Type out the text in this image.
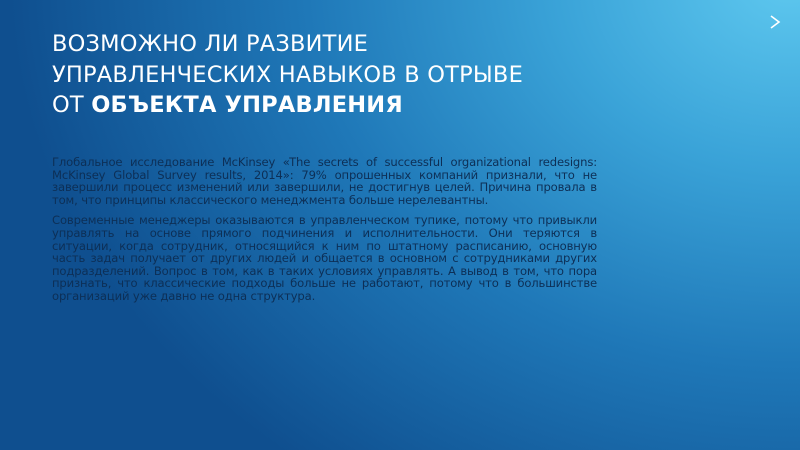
ВОЗМОЖНО ЛИ РАЗВИТИЕ
УПРАВЛЕНЧЕСКИХ НАВЫКОВ В ОТРЫВЕ
ОТ ОБЪЕКТА УПРАВЛЕНИЯ

Глобальное исследование McKinsey «The secrets of successful organizational redesigns: McKinsey Global Survey results, 2014»: 79% опрошенных компаний признали, что не завершили процесс изменений или завершили, не достигнув целей. Причина провала в том, что принципы классического менеджмента больше нерелевантны.

Современные менеджеры оказываются в управленческом тупике, потому что привыкли управлять на основе прямого подчинения и исполнительности. Они теряются в ситуации, когда сотрудник, относящийся к ним по штатному расписанию, основную часть задач получает от других людей и общается в основном с сотрудниками других подразделений. Вопрос в том, как в таких условиях управлять. А вывод в том, что пора признать, что классические подходы больше не работают, потому что в большинстве организаций уже давно не одна структура.
